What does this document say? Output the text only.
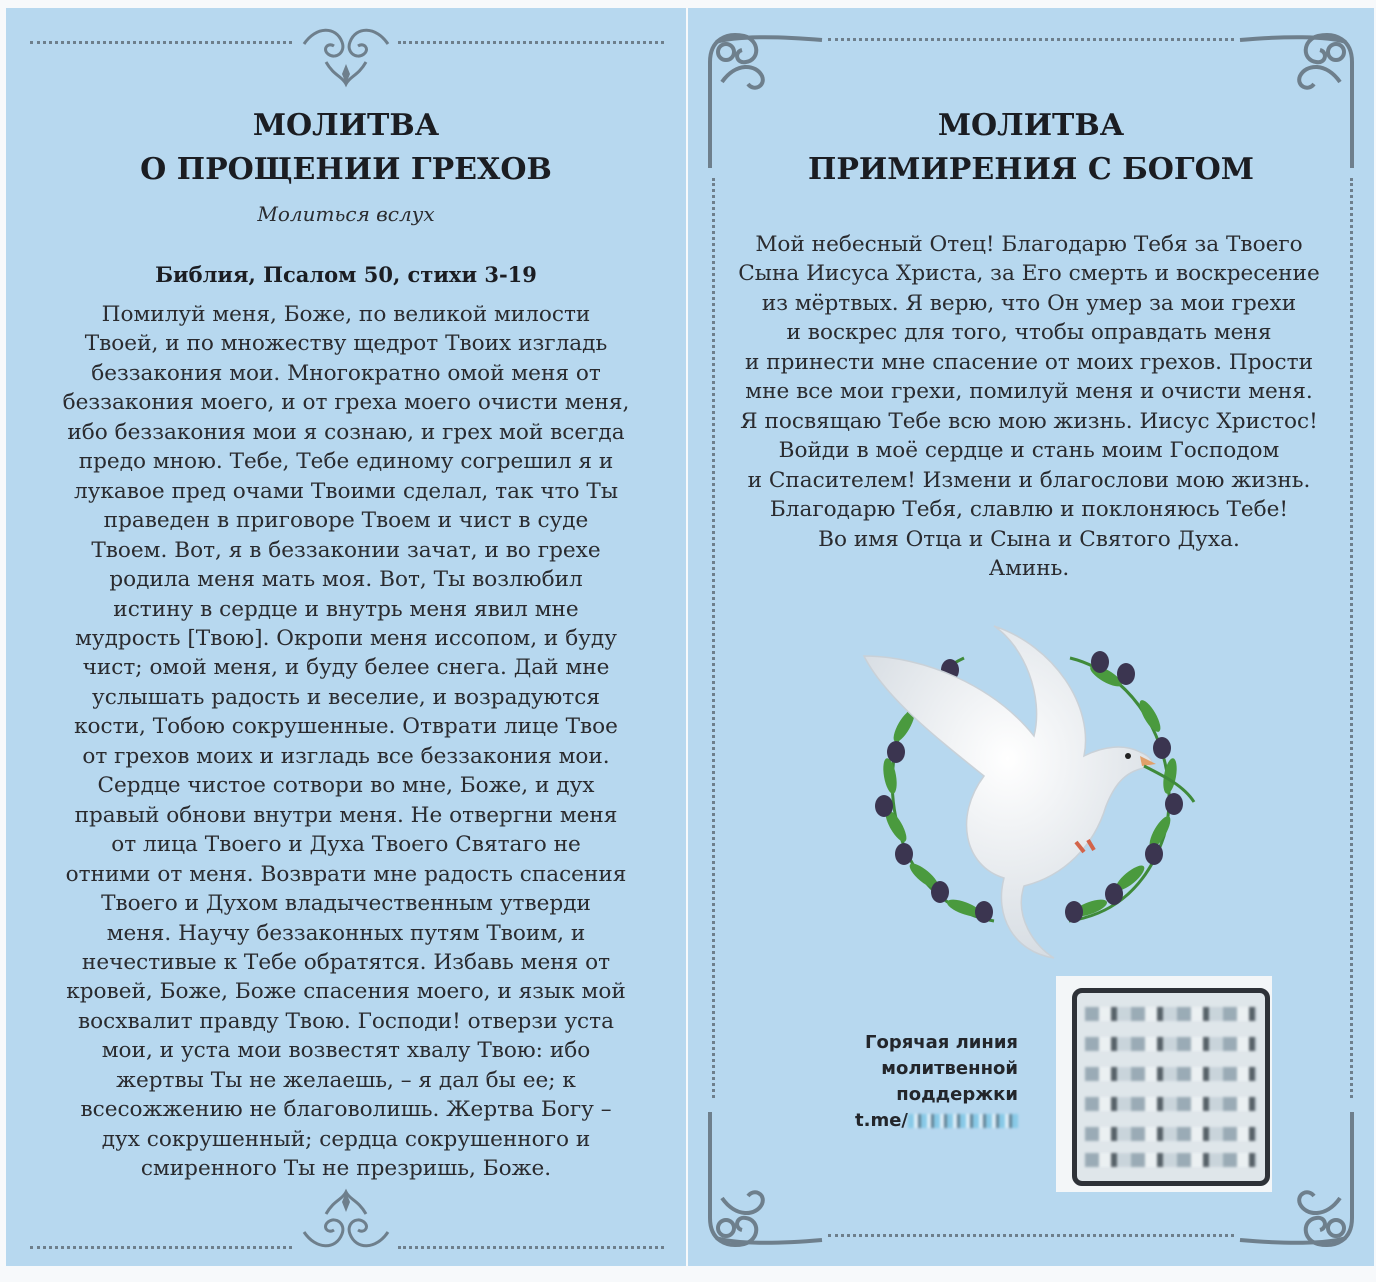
МОЛИТВА
О ПРОЩЕНИИ ГРЕХОВ
Молиться вслух
Библия, Псалом 50, стихи 3-19
Помилуй меня, Боже, по великой милости
Твоей, и по множеству щедрот Твоих изгладь
беззакония мои. Многократно омой меня от
беззакония моего, и от греха моего очисти меня,
ибо беззакония мои я сознаю, и грех мой всегда
предо мною. Тебе, Тебе единому согрешил я и
лукавое пред очами Твоими сделал, так что Ты
праведен в приговоре Твоем и чист в суде
Твоем. Вот, я в беззаконии зачат, и во грехе
родила меня мать моя. Вот, Ты возлюбил
истину в сердце и внутрь меня явил мне
мудрость [Твою]. Окропи меня иссопом, и буду
чист; омой меня, и буду белее снега. Дай мне
услышать радость и веселие, и возрадуются
кости, Тобою сокрушенные. Отврати лице Твое
от грехов моих и изгладь все беззакония мои.
Сердце чистое сотвори во мне, Боже, и дух
правый обнови внутри меня. Не отвергни меня
от лица Твоего и Духа Твоего Святаго не
отними от меня. Возврати мне радость спасения
Твоего и Духом владычественным утверди
меня. Научу беззаконных путям Твоим, и
нечестивые к Тебе обратятся. Избавь меня от
кровей, Боже, Боже спасения моего, и язык мой
восхвалит правду Твою. Господи! отверзи уста
мои, и уста мои возвестят хвалу Твою: ибо
жертвы Ты не желаешь, – я дал бы ее; к
всесожжению не благоволишь. Жертва Богу –
дух сокрушенный; сердца сокрушенного и
смиренного Ты не презришь, Боже.
МОЛИТВА
ПРИМИРЕНИЯ С БОГОМ
Мой небесный Отец! Благодарю Тебя за Твоего
Сына Иисуса Христа, за Его смерть и воскресение
из мёртвых. Я верю, что Он умер за мои грехи
и воскрес для того, чтобы оправдать меня
и принести мне спасение от моих грехов. Прости
мне все мои грехи, помилуй меня и очисти меня.
Я посвящаю Тебе всю мою жизнь. Иисус Христос!
Войди в моё сердце и стань моим Господом
и Спасителем! Измени и благослови мою жизнь.
Благодарю Тебя, славлю и поклоняюсь Тебе!
Во имя Отца и Сына и Святого Духа.
Аминь.
Горячая линия
молитвенной
поддержки
t.me/
